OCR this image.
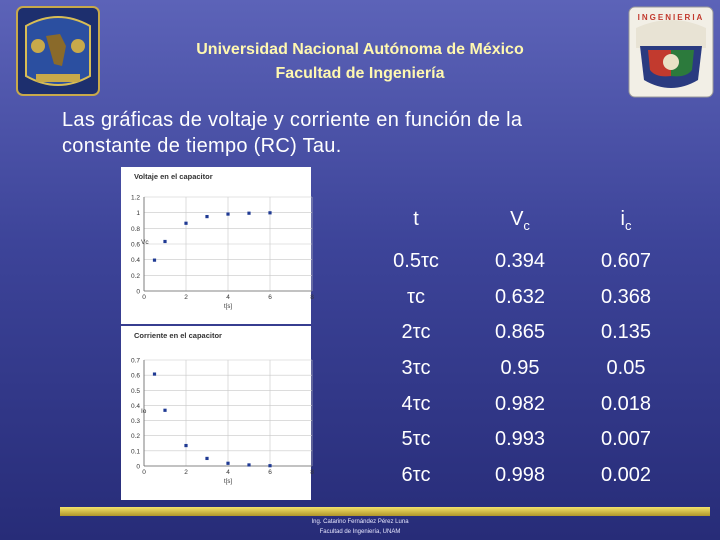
INGENIERIA
Universidad Nacional Autónoma de México
Facultad de Ingeniería
Las gráficas de voltaje y corriente en función de la
constante de tiempo (RC) Tau.
Voltaje en el capacitor
0
0.2
0.4
0.6
0.8
1
1.2
0	2	4	6	8
t[s]
Vc
Corriente en el capacitor
0
0.1
0.2
0.3
0.4
0.5
0.6
0.7
0	2	4	6	8
t[s]
Io
t	$V_c$	$i_c$
0.5τc	0.394	0.607
τc	0.632	0.368
2τc	0.865	0.135
3τc	0.95	0.05
4τc	0.982	0.018
5τc	0.993	0.007
6τc	0.998	0.002
Ing. Catarino Fernández Pérez Luna
Facultad de Ingeniería, UNAM
